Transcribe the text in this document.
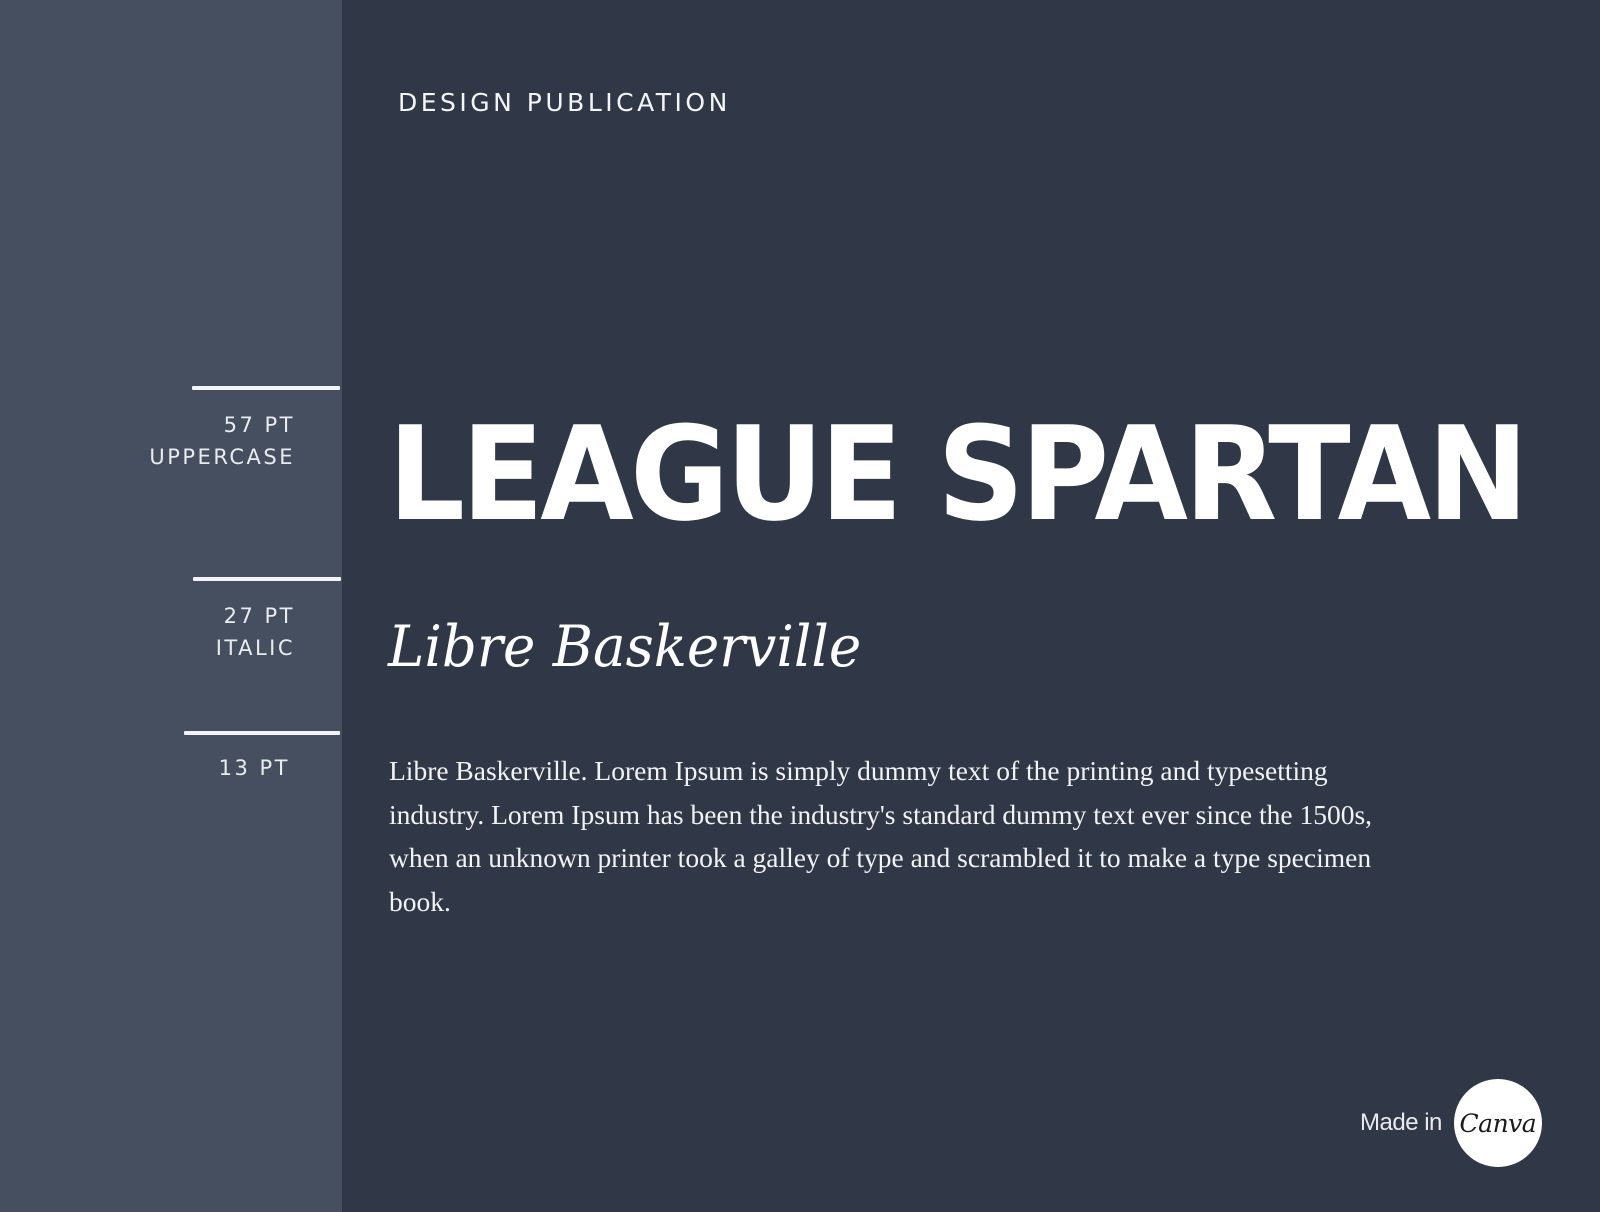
57 PT
UPPERCASE
27 PT
ITALIC
13 PT
DESIGN PUBLICATION
LEAGUE SPARTAN
Libre Baskerville
Libre Baskerville. Lorem Ipsum is simply dummy text of the printing and typesetting industry. Lorem Ipsum has been the industry's standard dummy text ever since the 1500s, when an unknown printer took a galley of type and scrambled it to make a type specimen book.
Made in Canva
